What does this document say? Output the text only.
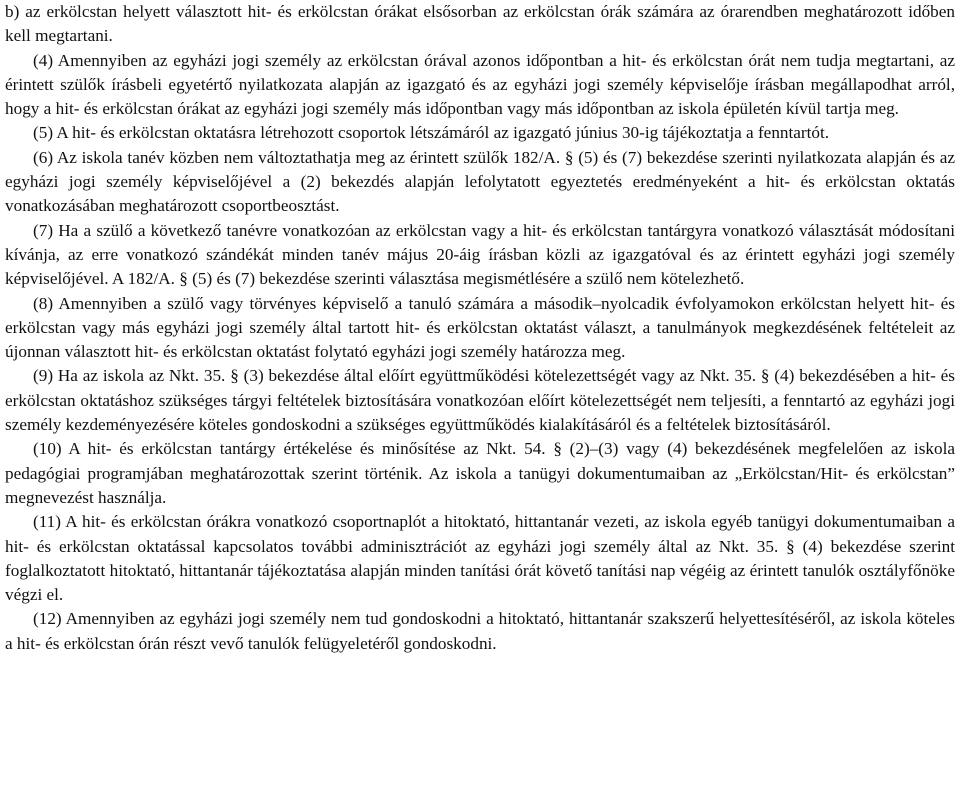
b) az erkölcstan helyett választott hit- és erkölcstan órákat elsősorban az erkölcstan órák számára az órarendben meghatározott időben kell megtartani.

(4) Amennyiben az egyházi jogi személy az erkölcstan órával azonos időpontban a hit- és erkölcstan órát nem tudja megtartani, az érintett szülők írásbeli egyetértő nyilatkozata alapján az igazgató és az egyházi jogi személy képviselője írásban megállapodhat arról, hogy a hit- és erkölcstan órákat az egyházi jogi személy más időpontban vagy más időpontban az iskola épületén kívül tartja meg.

(5) A hit- és erkölcstan oktatásra létrehozott csoportok létszámáról az igazgató június 30-ig tájékoztatja a fenntartót.

(6) Az iskola tanév közben nem változtathatja meg az érintett szülők 182/A. § (5) és (7) bekezdése szerinti nyilatkozata alapján és az egyházi jogi személy képviselőjével a (2) bekezdés alapján lefolytatott egyeztetés eredményeként a hit- és erkölcstan oktatás vonatkozásában meghatározott csoportbeosztást.

(7) Ha a szülő a következő tanévre vonatkozóan az erkölcstan vagy a hit- és erkölcstan tantárgyra vonatkozó választását módosítani kívánja, az erre vonatkozó szándékát minden tanév május 20-áig írásban közli az igazgatóval és az érintett egyházi jogi személy képviselőjével. A 182/A. § (5) és (7) bekezdése szerinti választása megismétlésére a szülő nem kötelezhető.

(8) Amennyiben a szülő vagy törvényes képviselő a tanuló számára a második–nyolcadik évfolyamokon erkölcstan helyett hit- és erkölcstan vagy más egyházi jogi személy által tartott hit- és erkölcstan oktatást választ, a tanulmányok megkezdésének feltételeit az újonnan választott hit- és erkölcstan oktatást folytató egyházi jogi személy határozza meg.

(9) Ha az iskola az Nkt. 35. § (3) bekezdése által előírt együttműködési kötelezettségét vagy az Nkt. 35. § (4) bekezdésében a hit- és erkölcstan oktatáshoz szükséges tárgyi feltételek biztosítására vonatkozóan előírt kötelezettségét nem teljesíti, a fenntartó az egyházi jogi személy kezdeményezésére köteles gondoskodni a szükséges együttműködés kialakításáról és a feltételek biztosításáról.

(10) A hit- és erkölcstan tantárgy értékelése és minősítése az Nkt. 54. § (2)–(3) vagy (4) bekezdésének megfelelően az iskola pedagógiai programjában meghatározottak szerint történik. Az iskola a tanügyi dokumentumaiban az „Erkölcstan/Hit- és erkölcstan” megnevezést használja.

(11) A hit- és erkölcstan órákra vonatkozó csoportnaplót a hitoktató, hittantanár vezeti, az iskola egyéb tanügyi dokumentumaiban a hit- és erkölcstan oktatással kapcsolatos további adminisztrációt az egyházi jogi személy által az Nkt. 35. § (4) bekezdése szerint foglalkoztatott hitoktató, hittantanár tájékoztatása alapján minden tanítási órát követő tanítási nap végéig az érintett tanulók osztályfőnöke végzi el.

(12) Amennyiben az egyházi jogi személy nem tud gondoskodni a hitoktató, hittantanár szakszerű helyettesítéséről, az iskola köteles a hit- és erkölcstan órán részt vevő tanulók felügyeletéről gondoskodni.
